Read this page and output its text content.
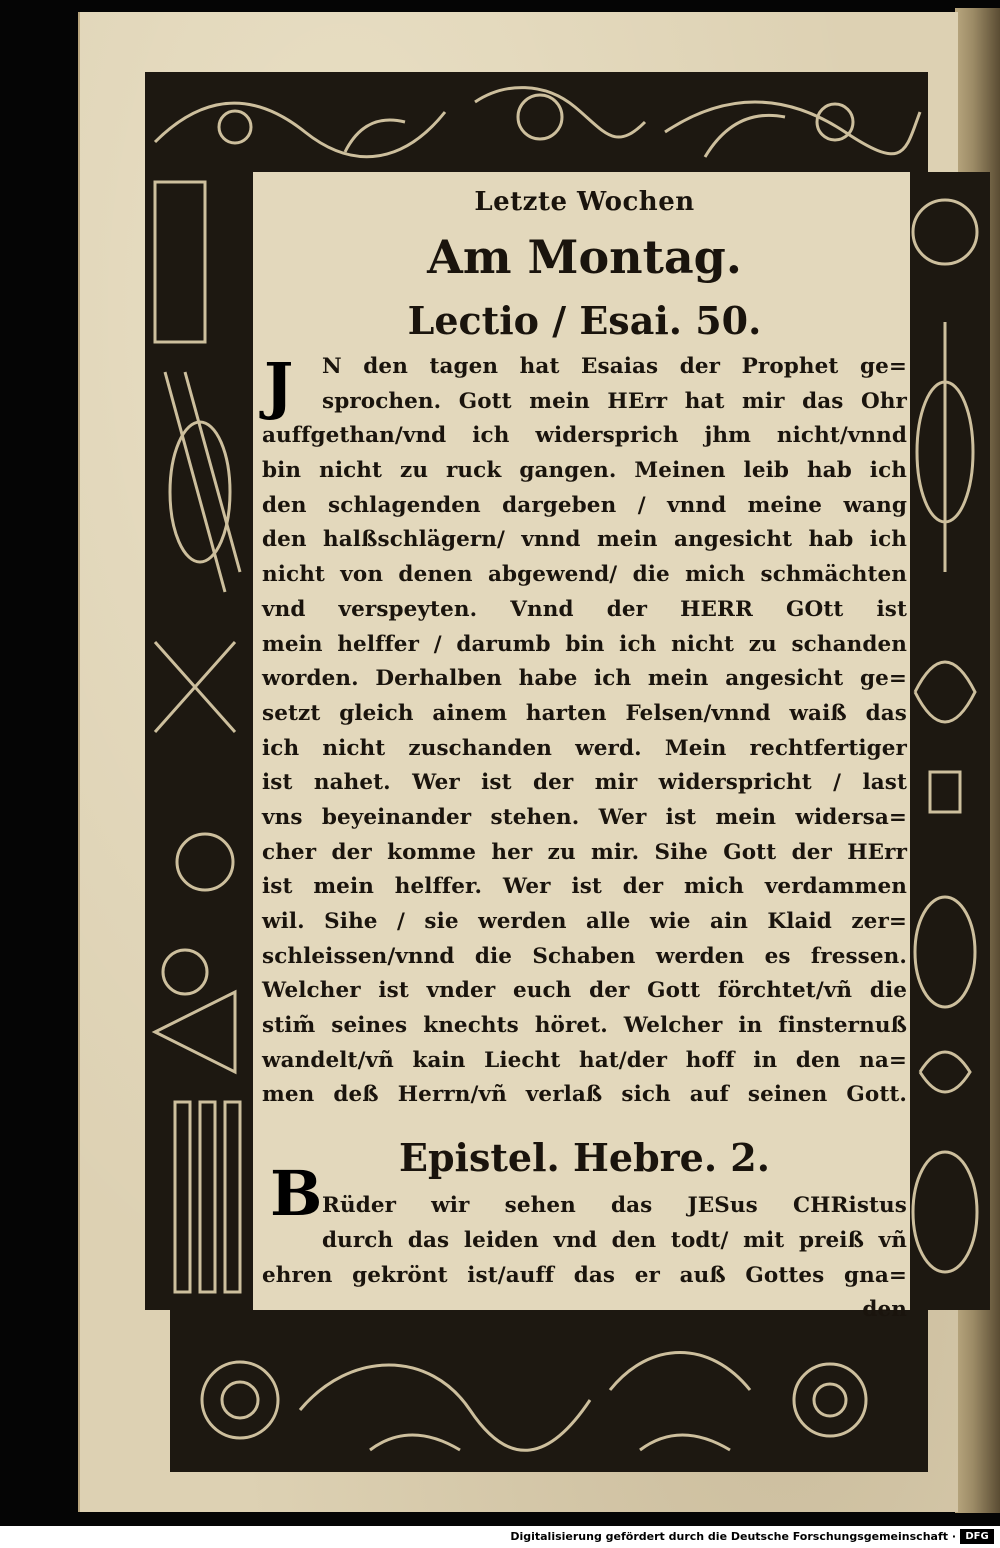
J
B
Letzte Wochen
Am Montag.
Lectio / Esai. 50.
N den tagen hat Esaias der Prophet ge=
sprochen. Gott mein HErr hat mir das Ohr
auffgethan/vnd ich widersprich jhm nicht/vnnd
bin nicht zu ruck gangen. Meinen leib hab ich
den schlagenden dargeben / vnnd meine wang
den halßschlägern/ vnnd mein angesicht hab ich
nicht von denen abgewend/ die mich schmächten
vnd verspeyten. Vnnd der HERR GOtt ist
mein helffer / darumb bin ich nicht zu schanden
worden. Derhalben habe ich mein angesicht ge=
setzt gleich ainem harten Felsen/vnnd waiß das
ich nicht zuschanden werd. Mein rechtfertiger
ist nahet. Wer ist der mir widerspricht / last
vns beyeinander stehen. Wer ist mein widersa=
cher der komme her zu mir. Sihe Gott der HErr
ist mein helffer. Wer ist der mich verdammen
wil. Sihe / sie werden alle wie ain Klaid zer=
schleissen/vnnd die Schaben werden es fressen.
Welcher ist vnder euch der Gott förchtet/vñ die
stim̃ seines knechts höret. Welcher in finsternuß
wandelt/vñ kain Liecht hat/der hoff in den na=
men deß Herrn/vñ verlaß sich auf seinen Gott.
Epistel. Hebre. 2.
Rüder wir sehen das JESus CHRistus
durch das leiden vnd den todt/ mit preiß vñ
ehren gekrönt ist/auff das er auß Gottes gna=
den
Digitalisierung gefördert durch die Deutsche Forschungsgemeinschaft · DFG
